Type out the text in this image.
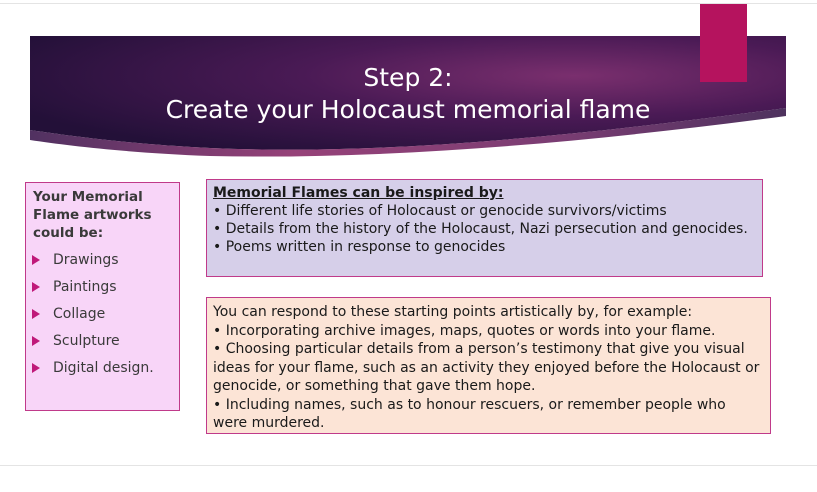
Step 2:
Create your Holocaust memorial flame
Your Memorial
Flame artworks
could be:
Drawings
Paintings
Collage
Sculpture
Digital design.

Memorial Flames can be inspired by:

• Different life stories of Holocaust or genocide survivors/victims

• Details from the history of the Holocaust, Nazi persecution and genocides.

• Poems written in response to genocides

You can respond to these starting points artistically by, for example:

• Incorporating archive images, maps, quotes or words into your flame.

• Choosing particular details from a person’s testimony that give you visual ideas for your flame, such as an activity they enjoyed before the Holocaust or genocide, or something that gave them hope.

• Including names, such as to honour rescuers, or remember people who were murdered.
